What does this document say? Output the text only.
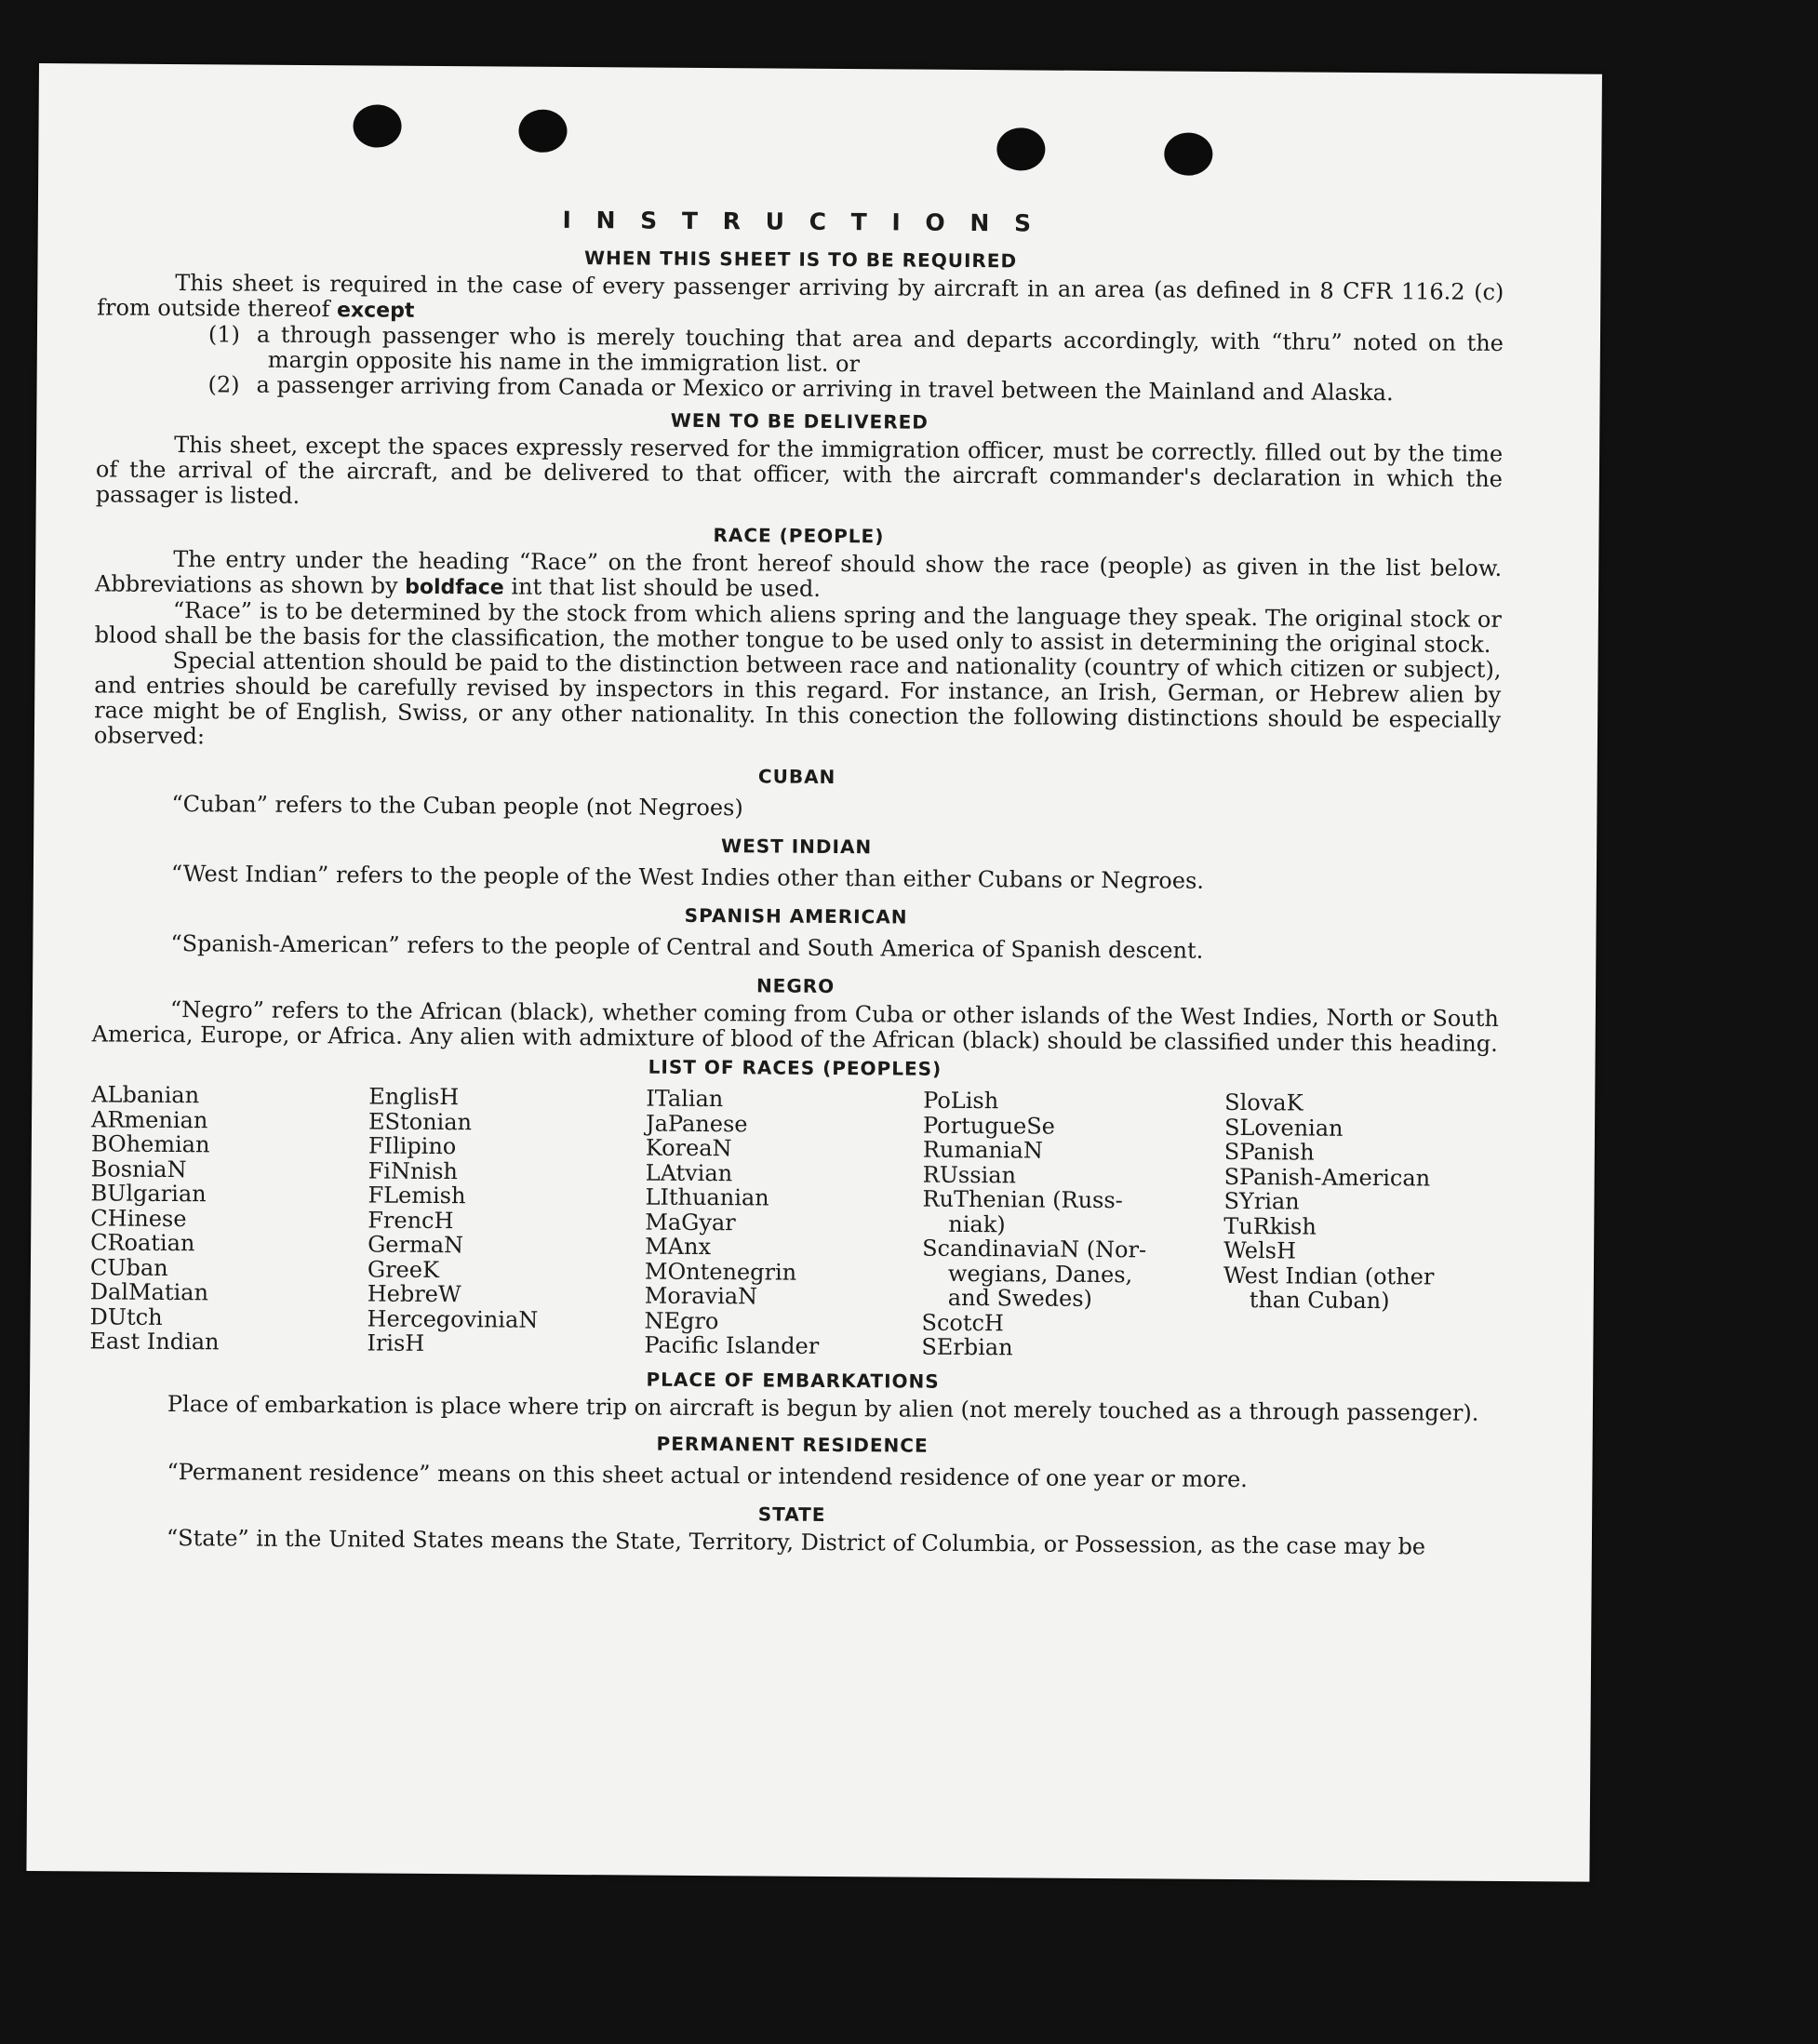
I N S T R U C T I O N S
WHEN THIS SHEET IS TO BE REQUIRED

This sheet is required in the case of every passenger arriving by aircraft in an area (as defined in 8 CFR 116.2 (c) from outside thereof except

(1) a through passenger who is merely touching that area and departs accordingly, with “thru” noted on the margin opposite his name in the immigration list. or
(2) a passenger arriving from Canada or Mexico or arriving in travel between the Mainland and Alaska.
WEN TO BE DELIVERED

This sheet, except the spaces expressly reserved for the immigration officer, must be correctly. filled out by the time of the arrival of the aircraft, and be delivered to that officer, with the aircraft commander's declaration in which the passager is listed.

RACE (PEOPLE)

The entry under the heading “Race” on the front hereof should show the race (people) as given in the list below. Abbreviations as shown by boldface int that list should be used.

“Race” is to be determined by the stock from which aliens spring and the language they speak. The original stock or blood shall be the basis for the classification, the mother tongue to be used only to assist in determining the original stock.

Special attention should be paid to the distinction between race and nationality (country of which citizen or subject), and entries should be carefully revised by inspectors in this regard. For instance, an Irish, German, or Hebrew alien by race might be of English, Swiss, or any other nationality. In this conection the following distinctions should be especially observed:

CUBAN

“Cuban” refers to the Cuban people (not Negroes)

WEST INDIAN

“West Indian” refers to the people of the West Indies other than either Cubans or Negroes.

SPANISH AMERICAN

“Spanish-American” refers to the people of Central and South America of Spanish descent.

NEGRO

“Negro” refers to the African (black), whether coming from Cuba or other islands of the West Indies, North or South America, Europe, or Africa. Any alien with admixture of blood of the African (black) should be classified under this heading.

LIST OF RACES (PEOPLES)
ALbanian
ARmenian
BOhemian
BosniaN
BUlgarian
CHinese
CRoatian
CUban
DalMatian
DUtch
East Indian
EnglisH
EStonian
FIlipino
FiNnish
FLemish
FrencH
GermaN
GreeK
HebreW
HercegoviniaN
IrisH
ITalian
JaPanese
KoreaN
LAtvian
LIthuanian
MaGyar
MAnx
MOntenegrin
MoraviaN
NEgro
Pacific Islander
PoLish
PortugueSe
RumaniaN
RUssian
RuThenian (Russ-
niak)
ScandinaviaN (Nor-
wegians, Danes,
and Swedes)
ScotcH
SErbian
SlovaK
SLovenian
SPanish
SPanish-American
SYrian
TuRkish
WelsH
West Indian (other
than Cuban)
PLACE OF EMBARKATIONS

Place of embarkation is place where trip on aircraft is begun by alien (not merely touched as a through passenger).

PERMANENT RESIDENCE

“Permanent residence” means on this sheet actual or intendend residence of one year or more.

STATE

“State” in the United States means the State, Territory, District of Columbia, or Possession, as the case may be
